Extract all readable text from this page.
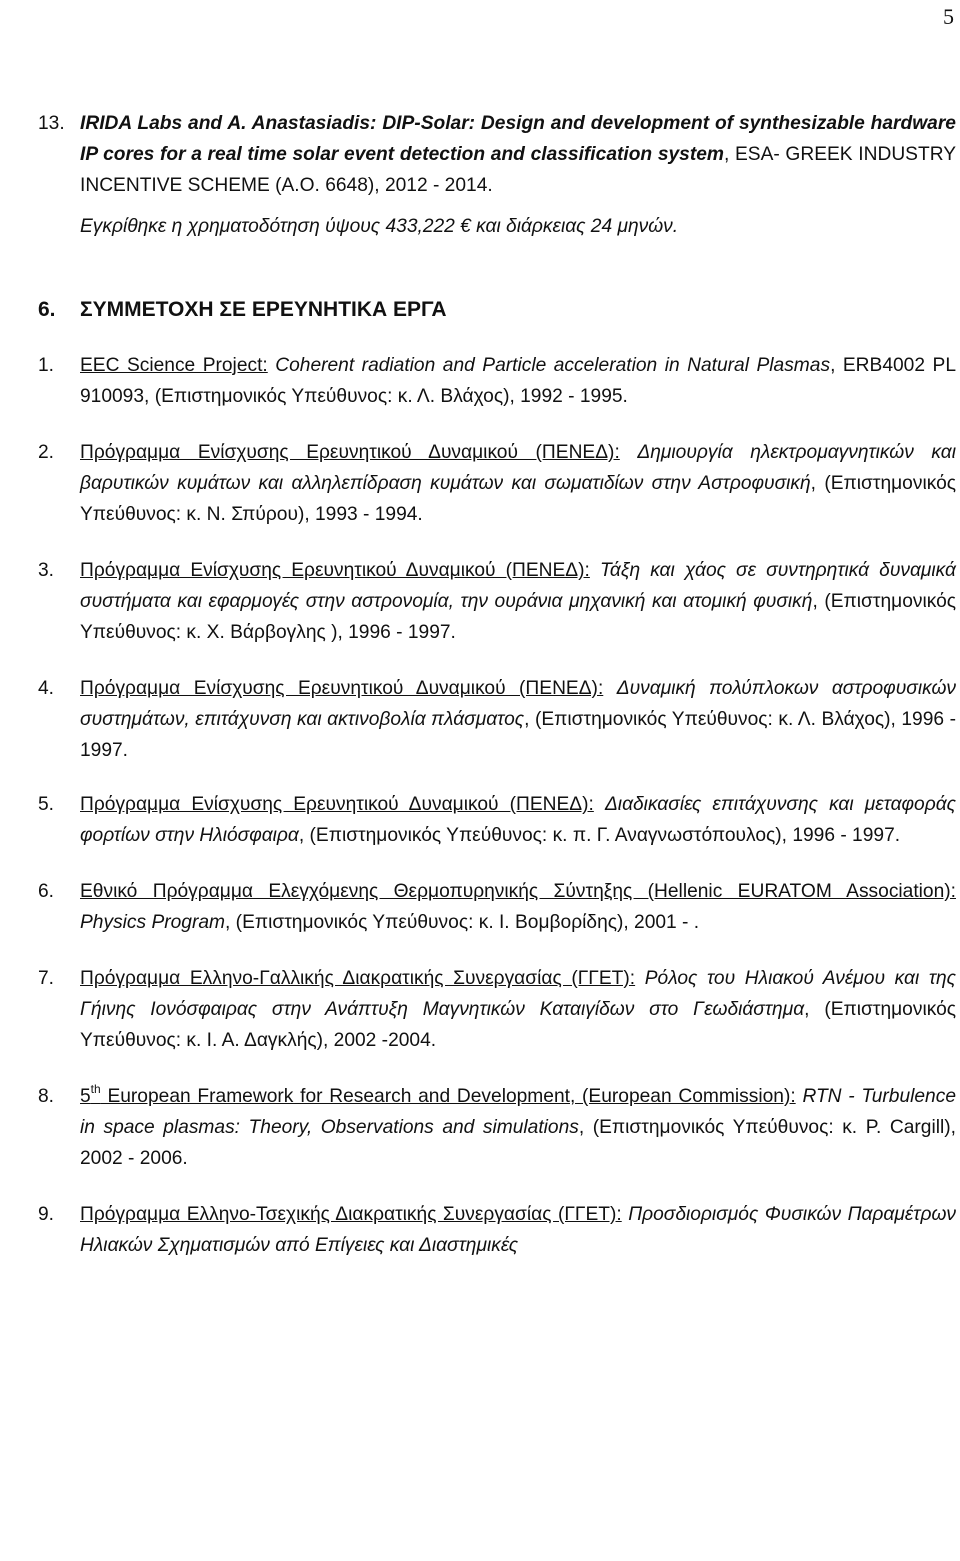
5
13. IRIDA Labs and A. Anastasiadis: DIP-Solar: Design and development of synthesizable hardware IP cores for a real time solar event detection and classification system, ESA- GREEK INDUSTRY INCENTIVE SCHEME (A.O. 6648), 2012 - 2014.
Εγκρίθηκε η χρηματοδότηση ύψους 433,222 € και διάρκειας 24 μηνών.
6.	ΣΥΜΜΕΤΟΧΗ ΣΕ ΕΡΕΥΝΗΤΙΚΑ ΕΡΓΑ
1.	EEC Science Project: Coherent radiation and Particle acceleration in Natural Plasmas, ERB4002 PL 910093, (Επιστημονικός Υπεύθυνος: κ. Λ. Βλάχος), 1992 - 1995.
2.	Πρόγραμμα Ενίσχυσης Ερευνητικού Δυναμικού (ΠΕΝΕΔ): Δημιουργία ηλεκτρομαγνητικών και βαρυτικών κυμάτων και αλληλεπίδραση κυμάτων και σωματιδίων στην Αστροφυσική, (Επιστημονικός Υπεύθυνος: κ. Ν. Σπύρου), 1993 - 1994.
3.	Πρόγραμμα Ενίσχυσης Ερευνητικού Δυναμικού (ΠΕΝΕΔ): Τάξη και χάος σε συντηρητικά δυναμικά συστήματα και εφαρμογές στην αστρονομία, την ουράνια μηχανική και ατομική φυσική, (Επιστημονικός Υπεύθυνος: κ. Χ. Βάρβογλης ), 1996 - 1997.
4.	Πρόγραμμα Ενίσχυσης Ερευνητικού Δυναμικού (ΠΕΝΕΔ): Δυναμική πολύπλοκων αστροφυσικών συστημάτων, επιτάχυνση και ακτινοβολία πλάσματος, (Επιστημονικός Υπεύθυνος: κ. Λ. Βλάχος), 1996 - 1997.
5.	Πρόγραμμα Ενίσχυσης Ερευνητικού Δυναμικού (ΠΕΝΕΔ): Διαδικασίες επιτάχυνσης και μεταφοράς φορτίων στην Ηλιόσφαιρα, (Επιστημονικός Υπεύθυνος: κ. π. Γ. Αναγνωστόπουλος), 1996 - 1997.
6.	Εθνικό Πρόγραμμα Ελεγχόμενης Θερμοπυρηνικής Σύντηξης (Hellenic EURATOM Association): Physics Program, (Επιστημονικός Υπεύθυνος: κ. Ι. Βομβορίδης), 2001 - .
7.	Πρόγραμμα Ελληνο-Γαλλικής Διακρατικής Συνεργασίας (ΓΓΕΤ): Ρόλος του Ηλιακού Ανέμου και της Γήινης Ιονόσφαιρας στην Ανάπτυξη Μαγνητικών Καταιγίδων στο Γεωδιάστημα, (Επιστημονικός Υπεύθυνος: κ. Ι. Α. Δαγκλής), 2002 -2004.
8.	5th European Framework for Research and Development, (European Commission): RTN - Turbulence in space plasmas: Theory, Observations and simulations, (Επιστημονικός Υπεύθυνος: κ. P. Cargill), 2002 - 2006.
9.	Πρόγραμμα Ελληνο-Τσεχικής Διακρατικής Συνεργασίας (ΓΓΕΤ): Προσδιορισμός Φυσικών Παραμέτρων Ηλιακών Σχηματισμών από Επίγειες και Διαστημικές
